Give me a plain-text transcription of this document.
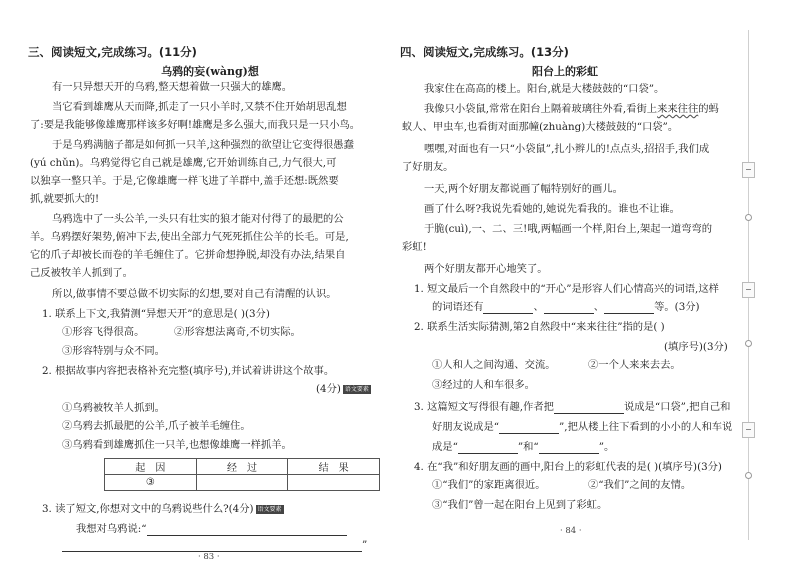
三、阅读短文,完成练习。(11分)
乌鸦的妄(wàng)想
有一只异想天开的乌鸦,整天想着做一只强大的雄鹰。
当它看到雄鹰从天而降,抓走了一只小羊时,又禁不住开始胡思乱想
了:要是我能够像雄鹰那样该多好啊!雄鹰是多么强大,而我只是一只小鸟。
于是乌鸦满脑子都是如何抓一只羊,这种强烈的欲望让它变得很愚蠢
(yú chǔn)。乌鸦觉得它自己就是雄鹰,它开始训练自己,力气很大,可
以独享一整只羊。于是,它像雄鹰一样飞进了羊群中,盖手还想:既然要
抓,就要抓大的!
乌鸦选中了一头公羊,一头只有壮实的狼才能对付得了的最肥的公
羊。乌鸦摆好架势,俯冲下去,使出全部力气死死抓住公羊的长毛。可是,
它的爪子却被长而卷的羊毛缠住了。它拼命想挣脱,却没有办法,结果自
己反被牧羊人抓到了。
所以,做事情不要总做不切实际的幻想,要对自己有清醒的认识。
1. 联系上下文,我猜测“异想天开”的意思是( )(3分)
①形容飞得很高。	②形容想法离奇,不切实际。
③形容特别与众不同。
2. 根据故事内容把表格补充完整(填序号),并试着讲讲这个故事。
(4分) 语文要素
①乌鸦被牧羊人抓到。
②乌鸦去抓最肥的公羊,爪子被羊毛缠住。
③乌鸦看到雄鹰抓住一只羊,也想像雄鹰一样抓羊。
起　因	经　过	结　果
③		
3. 读了短文,你想对文中的乌鸦说些什么?(4分) 语文要素
我想对乌鸦说:“
”
· 83 ·
四、阅读短文,完成练习。(13分)
阳台上的彩虹
我家住在高高的楼上。阳台,就是大楼鼓鼓的“口袋”。
我像只小袋鼠,常常在阳台上隔着玻璃往外看,看街上来来往往的蚂
蚁人、甲虫车,也看街对面那幢(zhuàng)大楼鼓鼓的“口袋”。
嘿嘿,对面也有一只“小袋鼠”,扎小辫儿的!点点头,招招手,我们成
了好朋友。
一天,两个好朋友都说画了幅特别好的画儿。
画了什么呀?我说先看她的,她说先看我的。谁也不让谁。
于脆(cuì),一、二、三!哦,两幅画一个样,阳台上,架起一道弯弯的
彩虹!
两个好朋友都开心地笑了。
1. 短文最后一个自然段中的“开心”是形容人们心情高兴的词语,这样
的词语还有	、	、	等。(3分)
2. 联系生活实际猜测,第2自然段中“来来往往”指的是( )
(填序号)(3分)
①人和人之间沟通、交流。	②一个人来来去去。
③经过的人和车很多。
3. 这篇短文写得很有趣,作者把	说成是“口袋”,把自己和
好朋友说成是“	”,把从楼上往下看到的小小的人和车说
成是“	”和“	”。
4. 在“我”和好朋友画的画中,阳台上的彩虹代表的是( )(填序号)(3分)
①“我们”的家距离很近。	②“我们”之间的友情。
③“我们”曾一起在阳台上见到了彩虹。
· 84 ·
